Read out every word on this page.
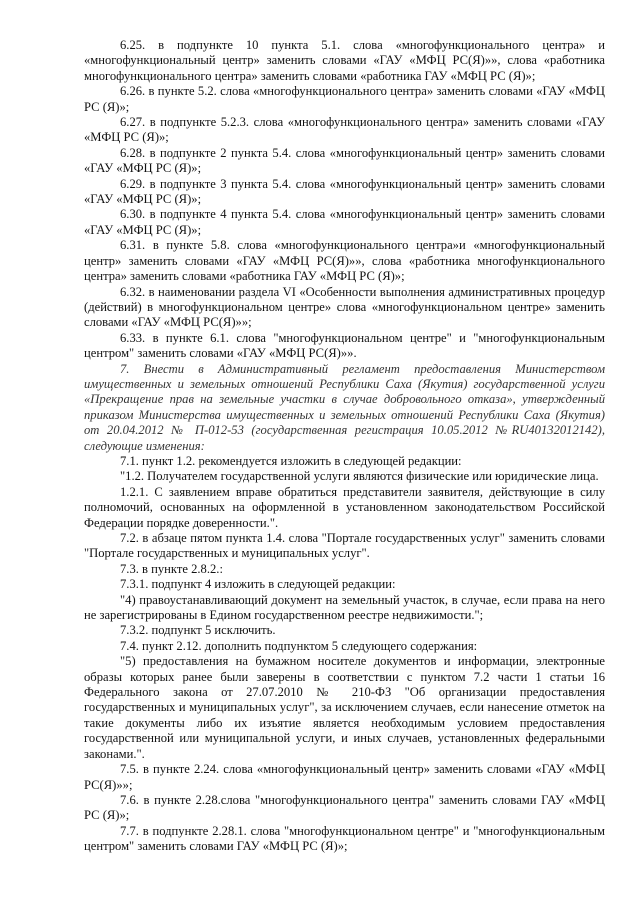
6.25. в подпункте 10 пункта 5.1. слова «многофункционального центра» и «многофункциональный центр» заменить словами «ГАУ «МФЦ РС(Я)»», слова «работника многофункционального центра» заменить словами «работника ГАУ «МФЦ РС (Я)»;

6.26. в пункте 5.2. слова «многофункционального центра» заменить словами «ГАУ «МФЦ РС (Я)»;

6.27. в подпункте 5.2.3. слова «многофункционального центра» заменить словами «ГАУ «МФЦ РС (Я)»;

6.28. в подпункте 2 пункта 5.4. слова «многофункциональный центр» заменить словами «ГАУ «МФЦ РС (Я)»;

6.29. в подпункте 3 пункта 5.4. слова «многофункциональный центр» заменить словами «ГАУ «МФЦ РС (Я)»;

6.30. в подпункте 4 пункта 5.4. слова «многофункциональный центр» заменить словами «ГАУ «МФЦ РС (Я)»;

6.31. в пункте 5.8. слова «многофункционального центра»и «многофункциональный центр» заменить словами «ГАУ «МФЦ РС(Я)»», слова «работника многофункционального центра» заменить словами «работника ГАУ «МФЦ РС (Я)»;

6.32. в наименовании раздела VI «Особенности выполнения административных процедур (действий) в многофункциональном центре» слова «многофункциональном центре» заменить словами «ГАУ «МФЦ РС(Я)»»;

6.33. в пункте 6.1. слова "многофункциональном центре" и "многофункциональным центром" заменить словами «ГАУ «МФЦ РС(Я)»».

7. Внести в Административный регламент предоставления Министерством имущественных и земельных отношений Республики Саха (Якутия) государственной услуги «Прекращение прав на земельные участки в случае добровольного отказа», утвержденный приказом Министерства имущественных и земельных отношений Республики Саха (Якутия) от 20.04.2012 № П-012-53 (государственная регистрация 10.05.2012 №RU40132012142), следующие изменения:

7.1. пункт 1.2. рекомендуется изложить в следующей редакции:

"1.2. Получателем государственной услуги являются физические или юридические лица.

1.2.1. С заявлением вправе обратиться представители заявителя, действующие в силу полномочий, основанных на оформленной в установленном законодательством Российской Федерации порядке доверенности.".

7.2. в абзаце пятом пункта 1.4. слова "Портале государственных услуг" заменить словами "Портале государственных и муниципальных услуг".

7.3. в пункте 2.8.2.:

7.3.1. подпункт 4 изложить в следующей редакции:

"4) правоустанавливающий документ на земельный участок, в случае, если права на него не зарегистрированы в Едином государственном реестре недвижимости.";

7.3.2. подпункт 5 исключить.

7.4. пункт 2.12. дополнить подпунктом 5 следующего содержания:

"5) предоставления на бумажном носителе документов и информации, электронные образы которых ранее были заверены в соответствии с пунктом 7.2 части 1 статьи 16 Федерального закона от 27.07.2010 № 210-ФЗ "Об организации предоставления государственных и муниципальных услуг", за исключением случаев, если нанесение отметок на такие документы либо их изъятие является необходимым условием предоставления государственной или муниципальной услуги, и иных случаев, установленных федеральными законами.".

7.5. в пункте 2.24. слова «многофункциональный центр» заменить словами «ГАУ «МФЦ РС(Я)»»;

7.6. в пункте 2.28.слова "многофункционального центра" заменить словами ГАУ «МФЦ РС (Я)»;

7.7. в подпункте 2.28.1. слова "многофункциональном центре" и "многофункциональным центром" заменить словами ГАУ «МФЦ РС (Я)»;
